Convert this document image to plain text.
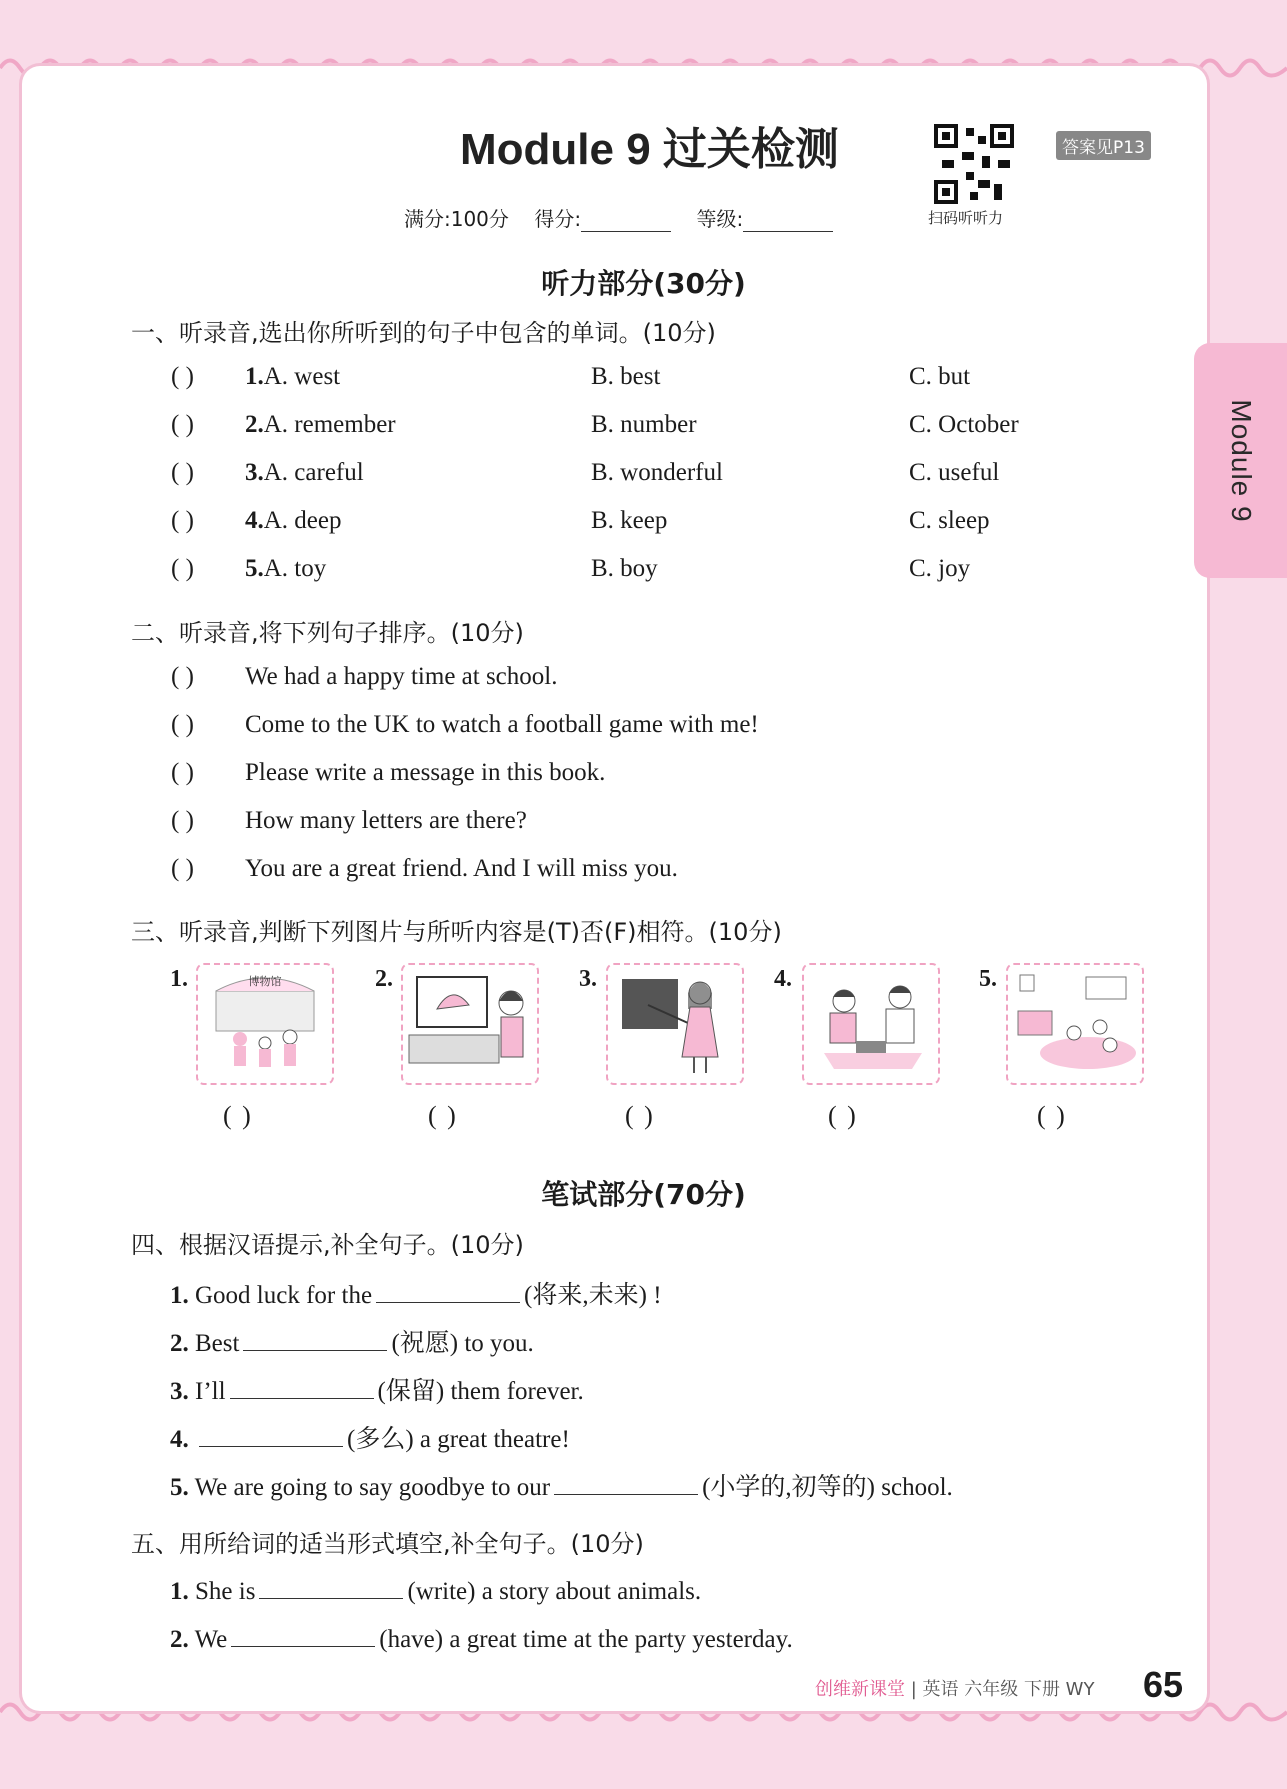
Module 9
Module 9 过关检测
扫码听听力
答案见P13
满分:100分 得分:	等级:
听力部分(30分)
一、听录音,选出你所听到的句子中包含的单词。(10分)
( ) 1.A. west	B. best	C. but
( ) 2.A. remember	B. number	C. October
( ) 3.A. careful	B. wonderful	C. useful
( ) 4.A. deep	B. keep	C. sleep
( ) 5.A. toy	B. boy	C. joy
二、听录音,将下列句子排序。(10分)
( ) We had a happy time at school.
( ) Come to the UK to watch a football game with me!
( ) Please write a message in this book.
( ) How many letters are there?
( ) You are a great friend. And I will miss you.
三、听录音,判断下列图片与所听内容是(T)否(F)相符。(10分)
1.	博物馆	2.	3.	4.	5.
( )	( )	( )	( )	( )
笔试部分(70分)
四、根据汉语提示,补全句子。(10分)
1. Good luck for the	(将来,未来) !
2. Best	(祝愿) to you.
3. I’ll	(保留) them forever.
4.	(多么) a great theatre!
5. We are going to say goodbye to our	(小学的,初等的) school.
五、用所给词的适当形式填空,补全句子。(10分)
1. She is	(write) a story about animals.
2. We	(have) a great time at the party yesterday.
创维新课堂 | 英语 六年级 下册 WY 65
